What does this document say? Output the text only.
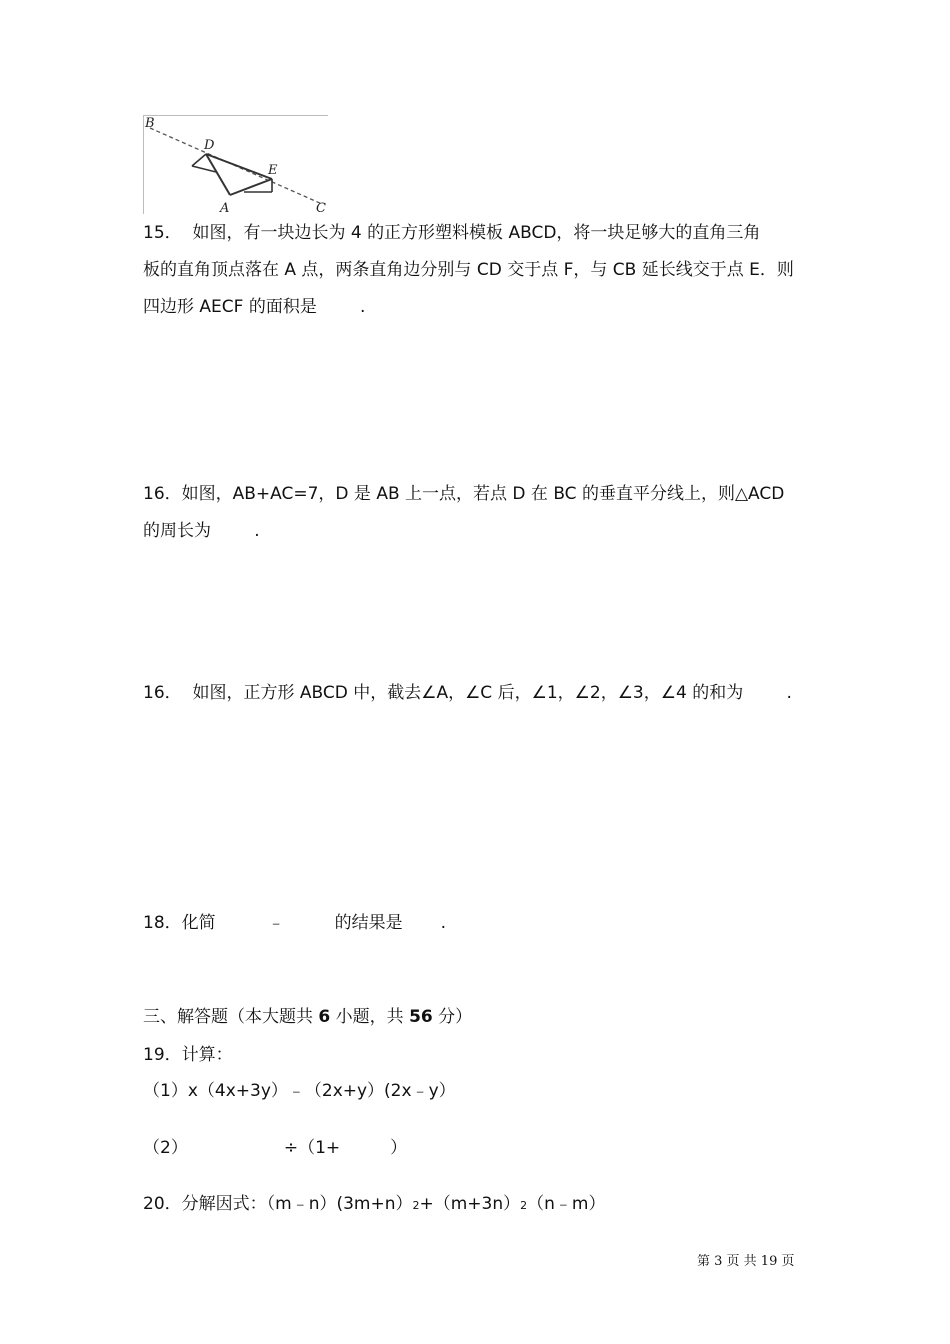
B
D
E
A	C
15．  如图，有一块边长为 4 的正方形塑料模板 ABCD，将一块足够大的直角三角
板的直角顶点落在 A 点，两条直角边分别与 CD 交于点 F，与 CB 延长线交于点 E．则
四边形 AECF 的面积是        .
16．如图，AB+AC=7，D 是 AB 上一点，若点 D 在 BC 的垂直平分线上，则△ACD
的周长为        .
16．  如图，正方形 ABCD 中，截去∠A，∠C 后，∠1，∠2，∠3，∠4 的和为        .
18．化简	﹣	的结果是 .
三、解答题（本大题共 6 小题，共 56 分）
19．计算：
（1）x（4x+3y）﹣（2x+y）(2x﹣y）
（2）	÷（1+	）
20．分解因式：（m﹣n）(3m+n）2+（m+3n）2（n﹣m）
第 3 页 共 19 页
